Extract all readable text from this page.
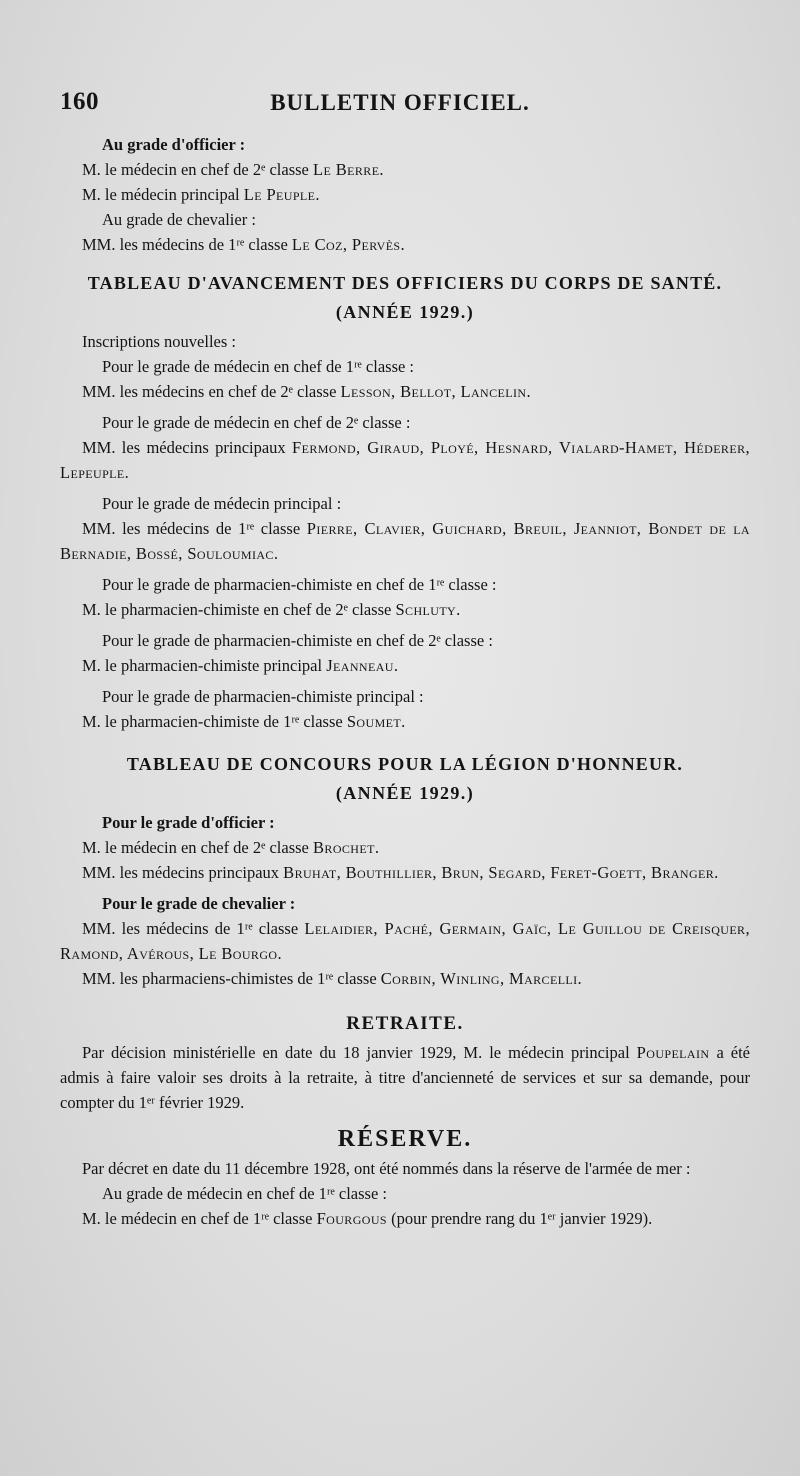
160	BULLETIN OFFICIEL.

Au grade d'officier :

M. le médecin en chef de 2ᵉ classe Le Berre.

M. le médecin principal Le Peuple.

Au grade de chevalier :

MM. les médecins de 1ʳᵉ classe Le Coz, Pervès.

TABLEAU D'AVANCEMENT DES OFFICIERS DU CORPS DE SANTÉ.
(ANNÉE 1929.)

Inscriptions nouvelles :

Pour le grade de médecin en chef de 1ʳᵉ classe :

MM. les médecins en chef de 2ᵉ classe Lesson, Bellot, Lancelin.

Pour le grade de médecin en chef de 2ᵉ classe :

MM. les médecins principaux Fermond, Giraud, Ployé, Hesnard, Vialard-Hamet, Héderer, Lepeuple.

Pour le grade de médecin principal :

MM. les médecins de 1ʳᵉ classe Pierre, Clavier, Guichard, Breuil, Jeanniot, Bondet de la Bernadie, Bossé, Souloumiac.

Pour le grade de pharmacien-chimiste en chef de 1ʳᵉ classe :

M. le pharmacien-chimiste en chef de 2ᵉ classe Schluty.

Pour le grade de pharmacien-chimiste en chef de 2ᵉ classe :

M. le pharmacien-chimiste principal Jeanneau.

Pour le grade de pharmacien-chimiste principal :

M. le pharmacien-chimiste de 1ʳᵉ classe Soumet.

TABLEAU DE CONCOURS POUR LA LÉGION D'HONNEUR.
(ANNÉE 1929.)

Pour le grade d'officier :

M. le médecin en chef de 2ᵉ classe Brochet.

MM. les médecins principaux Bruhat, Bouthillier, Brun, Segard, Feret-Goett, Branger.

Pour le grade de chevalier :

MM. les médecins de 1ʳᵉ classe Lelaidier, Paché, Germain, Gaïc, Le Guillou de Creisquer, Ramond, Avérous, Le Bourgo.

MM. les pharmaciens-chimistes de 1ʳᵉ classe Corbin, Winling, Marcelli.

RETRAITE.

Par décision ministérielle en date du 18 janvier 1929, M. le médecin principal Poupelain a été admis à faire valoir ses droits à la retraite, à titre d'ancienneté de services et sur sa demande, pour compter du 1ᵉʳ février 1929.

RÉSERVE.

Par décret en date du 11 décembre 1928, ont été nommés dans la réserve de l'armée de mer :

Au grade de médecin en chef de 1ʳᵉ classe :

M. le médecin en chef de 1ʳᵉ classe Fourgous (pour prendre rang du 1ᵉʳ janvier 1929).
